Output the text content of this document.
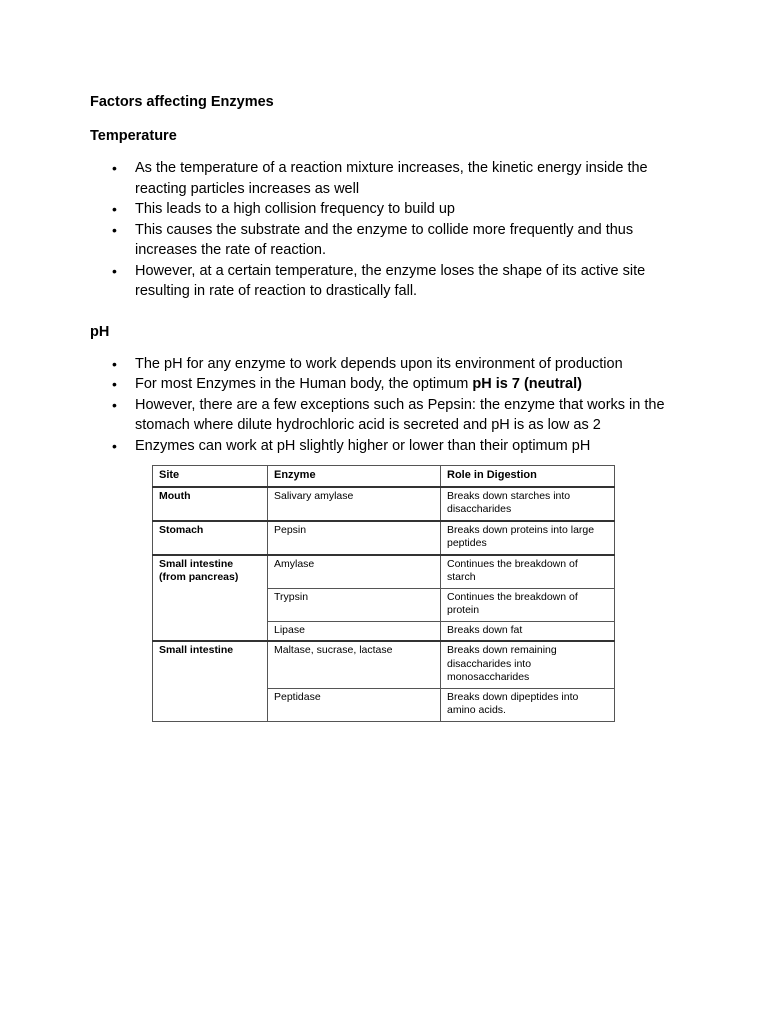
Factors affecting Enzymes
Temperature
• As the temperature of a reaction mixture increases, the kinetic energy inside the reacting particles increases as well
• This leads to a high collision frequency to build up
• This causes the substrate and the enzyme to collide more frequently and thus increases the rate of reaction.
• However, at a certain temperature, the enzyme loses the shape of its active site resulting in rate of reaction to drastically fall.
pH
• The pH for any enzyme to work depends upon its environment of production
• For most Enzymes in the Human body, the optimum pH is 7 (neutral)
• However, there are a few exceptions such as Pepsin: the enzyme that works in the stomach where dilute hydrochloric acid is secreted and pH is as low as 2
• Enzymes can work at pH slightly higher or lower than their optimum pH
Site	Enzyme	Role in Digestion
Mouth	Salivary amylase	Breaks down starches into disaccharides
Stomach	Pepsin	Breaks down proteins into large peptides
Small intestine (from pancreas)	Amylase	Continues the breakdown of starch
	Trypsin	Continues the breakdown of protein
	Lipase	Breaks down fat
Small intestine	Maltase, sucrase, lactase	Breaks down remaining disaccharides into monosaccharides
	Peptidase	Breaks down dipeptides into amino acids.
